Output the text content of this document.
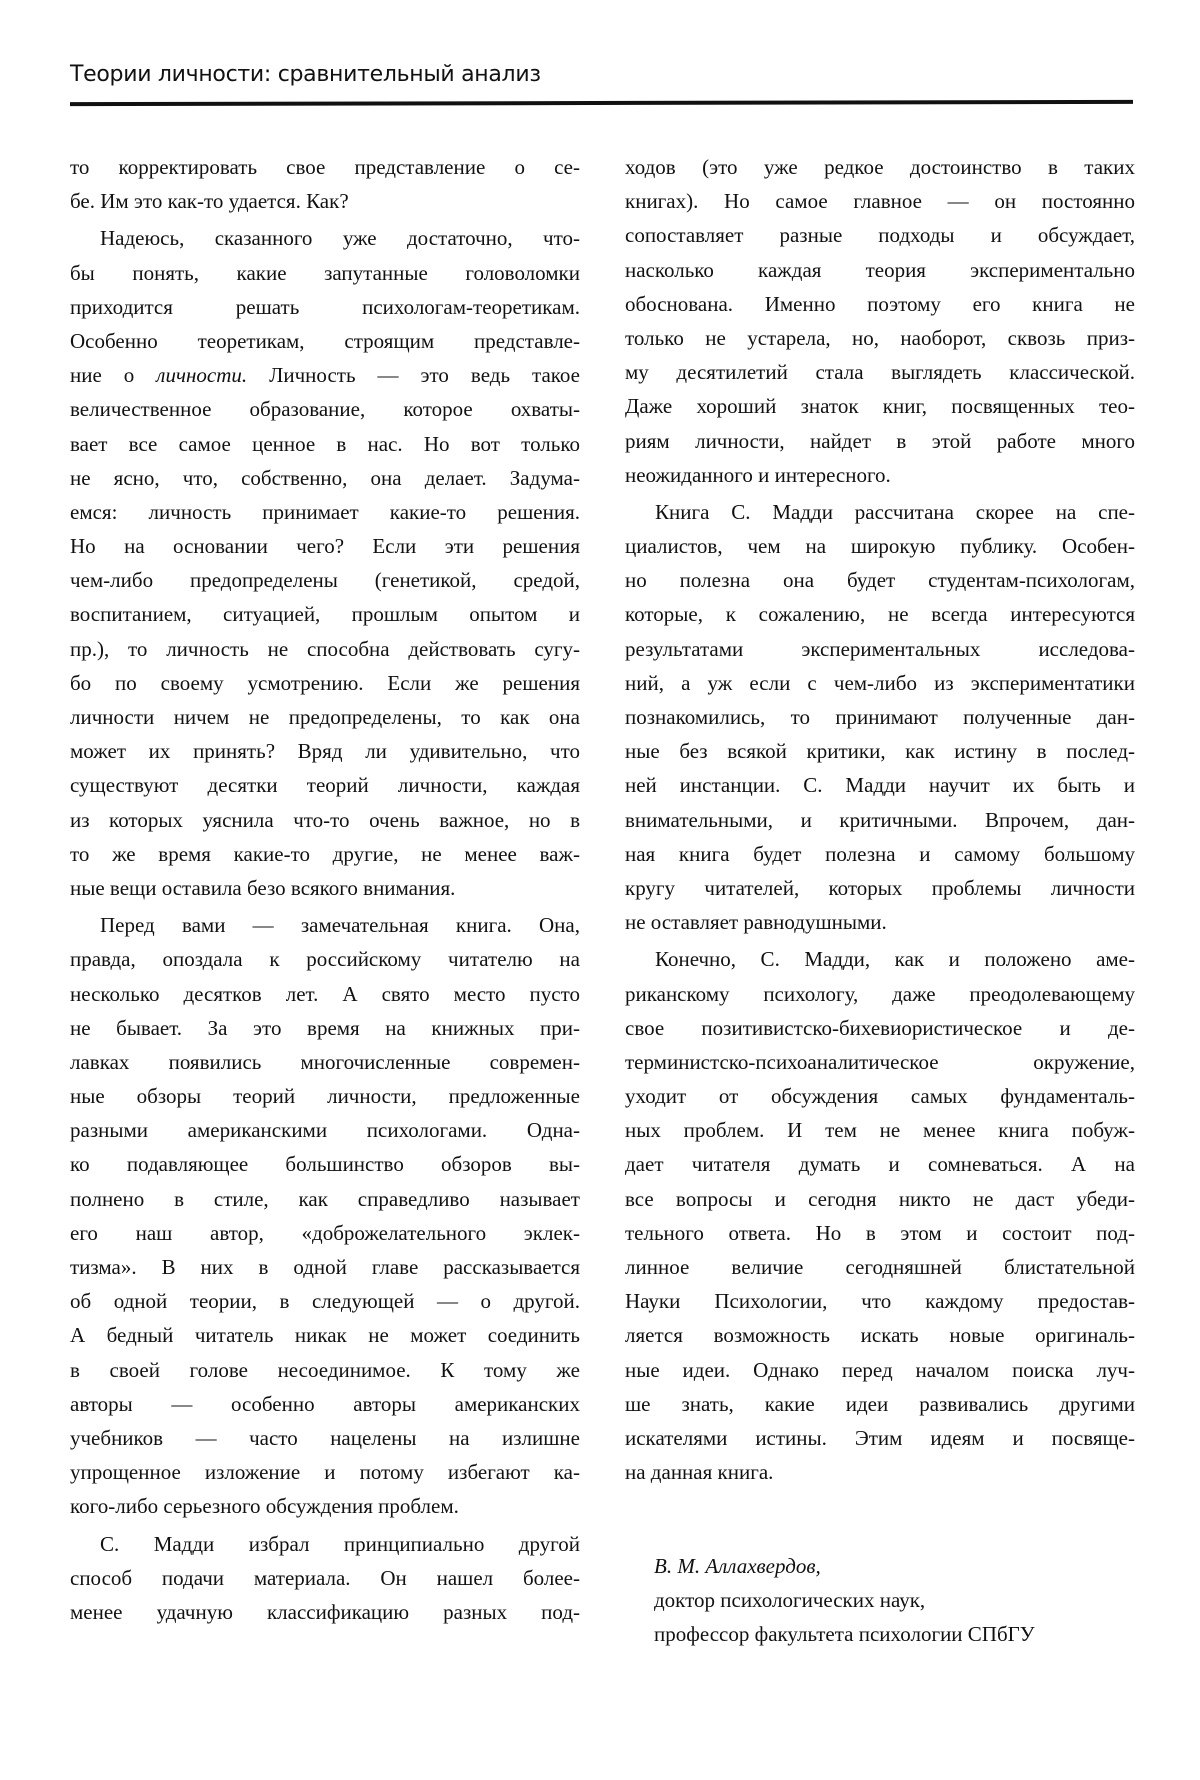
Теории личности: сравнительный анализ
то корректировать свое представление о се-
бе. Им это как-то удается. Как?
Надеюсь, сказанного уже достаточно, что-
бы понять, какие запутанные головоломки
приходится решать психологам-теоретикам.
Особенно теоретикам, строящим представле-
ние о личности. Личность — это ведь такое
величественное образование, которое охваты-
вает все самое ценное в нас. Но вот только
не ясно, что, собственно, она делает. Задума-
емся: личность принимает какие-то решения.
Но на основании чего? Если эти решения
чем-либо предопределены (генетикой, средой,
воспитанием, ситуацией, прошлым опытом и
пр.), то личность не способна действовать сугу-
бо по своему усмотрению. Если же решения
личности ничем не предопределены, то как она
может их принять? Вряд ли удивительно, что
существуют десятки теорий личности, каждая
из которых уяснила что-то очень важное, но в
то же время какие-то другие, не менее важ-
ные вещи оставила безо всякого внимания.
Перед вами — замечательная книга. Она,
правда, опоздала к российскому читателю на
несколько десятков лет. А свято место пусто
не бывает. За это время на книжных при-
лавках появились многочисленные современ-
ные обзоры теорий личности, предложенные
разными американскими психологами. Одна-
ко подавляющее большинство обзоров вы-
полнено в стиле, как справедливо называет
его наш автор, «доброжелательного эклек-
тизма». В них в одной главе рассказывается
об одной теории, в следующей — о другой.
А бедный читатель никак не может соединить
в своей голове несоединимое. К тому же
авторы — особенно авторы американских
учебников — часто нацелены на излишне
упрощенное изложение и потому избегают ка-
кого-либо серьезного обсуждения проблем.
С. Мадди избрал принципиально другой
способ подачи материала. Он нашел более-
менее удачную классификацию разных под-
ходов (это уже редкое достоинство в таких
книгах). Но самое главное — он постоянно
сопоставляет разные подходы и обсуждает,
насколько каждая теория экспериментально
обоснована. Именно поэтому его книга не
только не устарела, но, наоборот, сквозь приз-
му десятилетий стала выглядеть классической.
Даже хороший знаток книг, посвященных тео-
риям личности, найдет в этой работе много
неожиданного и интересного.
Книга С. Мадди рассчитана скорее на спе-
циалистов, чем на широкую публику. Особен-
но полезна она будет студентам-психологам,
которые, к сожалению, не всегда интересуются
результатами экспериментальных исследова-
ний, а уж если с чем-либо из экспериментатики
познакомились, то принимают полученные дан-
ные без всякой критики, как истину в послед-
ней инстанции. С. Мадди научит их быть и
внимательными, и критичными. Впрочем, дан-
ная книга будет полезна и самому большому
кругу читателей, которых проблемы личности
не оставляет равнодушными.
Конечно, С. Мадди, как и положено аме-
риканскому психологу, даже преодолевающему
свое позитивистско-бихевиористическое и де-
терминистско-психоаналитическое окружение,
уходит от обсуждения самых фундаменталь-
ных проблем. И тем не менее книга побуж-
дает читателя думать и сомневаться. А на
все вопросы и сегодня никто не даст убеди-
тельного ответа. Но в этом и состоит под-
линное величие сегодняшней блистательной
Науки Психологии, что каждому предостав-
ляется возможность искать новые оригиналь-
ные идеи. Однако перед началом поиска луч-
ше знать, какие идеи развивались другими
искателями истины. Этим идеям и посвяще-
на данная книга.
В. М. Аллахвердов,
доктор психологических наук,
профессор факультета психологии СПбГУ
